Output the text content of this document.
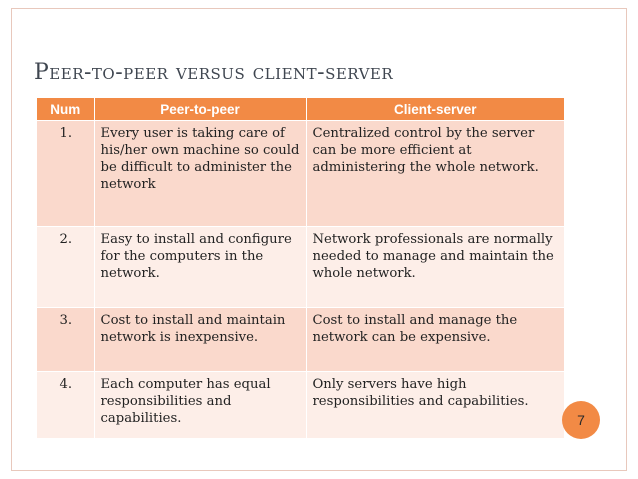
Peer-to-peer versus client-server
Num	Peer-to-peer	Client-server
1.	Every user is taking care of his/her own machine so could be difficult to administer the network	Centralized control by the server can be more efficient at administering the whole network.
2.	Easy to install and configure for the computers in the network.	Network professionals are normally needed to manage and maintain the whole network.
3.	Cost to install and maintain network is inexpensive.	Cost to install and manage the network can be expensive.
4.	Each computer has equal responsibilities and capabilities.	Only servers have high responsibilities and capabilities.
7
